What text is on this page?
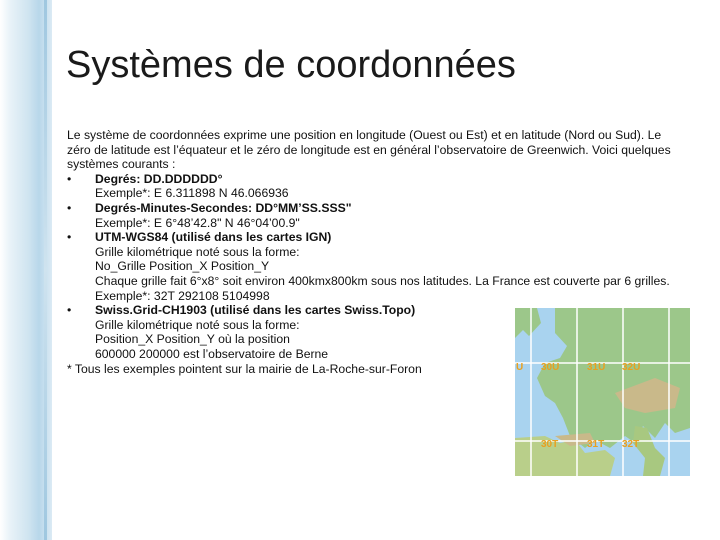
Systèmes de coordonnées

Le système de coordonnées exprime une position en longitude (Ouest ou Est) et en latitude (Nord ou Sud). Le zéro de latitude est l’équateur et le zéro de longitude est en général l’observatoire de Greenwich. Voici quelques systèmes courants :

•	Degrés: DD.DDDDDD°
Exemple*: E 6.311898 N 46.066936
•	Degrés-Minutes-Secondes: DD°MM’SS.SSS"
Exemple*: E 6°48’42.8" N 46°04’00.9"
•	UTM-WGS84 (utilisé dans les cartes IGN)
Grille kilométrique noté sous la forme:
No_Grille Position_X Position_Y
Chaque grille fait 6°x8° soit environ 400kmx800km sous nos latitudes. La France est couverte par 6 grilles.
Exemple*: 32T 292108 5104998
•	Swiss.Grid-CH1903 (utilisé dans les cartes Swiss.Topo)
Grille kilométrique noté sous la forme:
Position_X Position_Y où la position
600000 200000 est l’observatoire de Berne

* Tous les exemples pointent sur la mairie de La-Roche-sur-Foron	U 30U	31U 32U
30T	31T 32T
